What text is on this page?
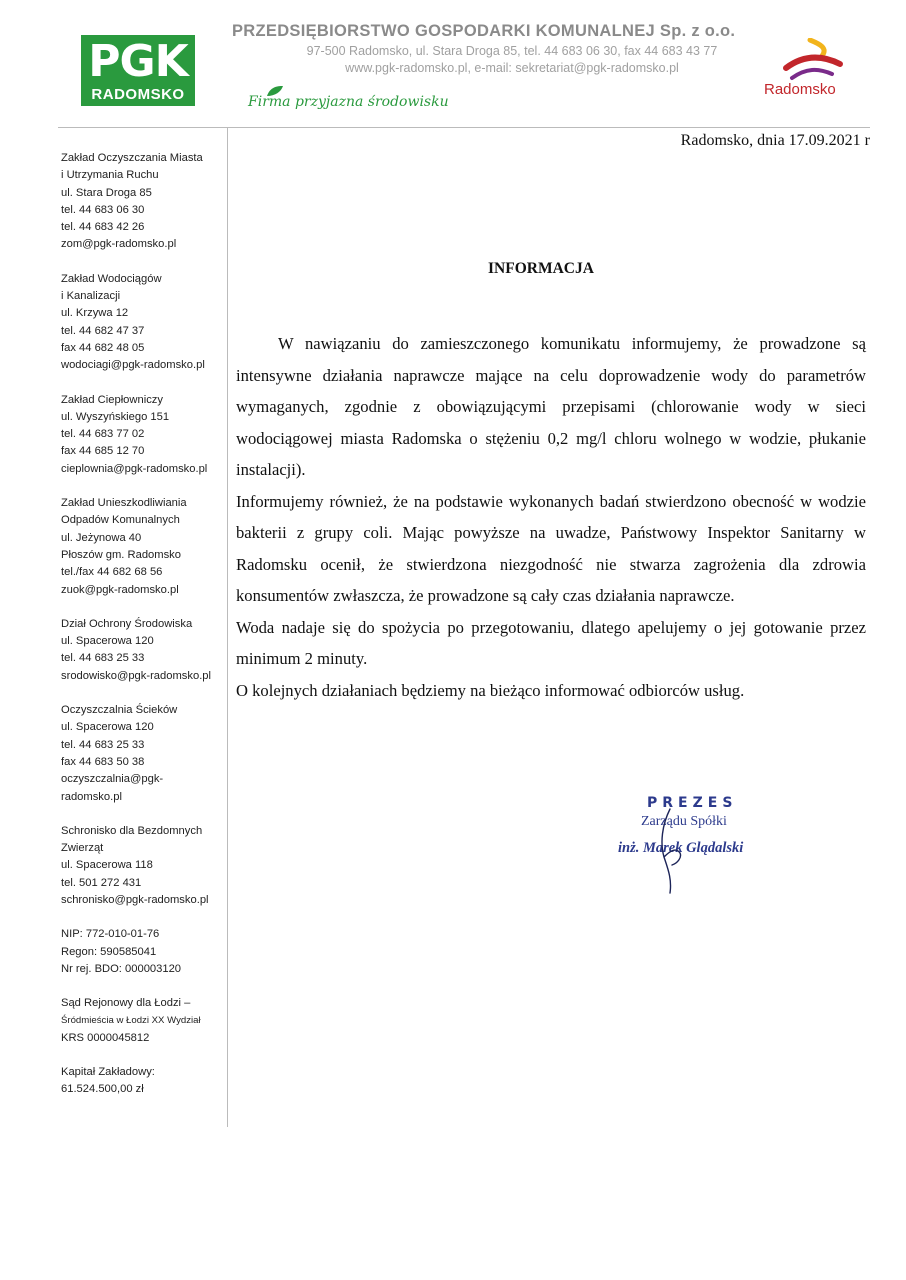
PGK
RADOMSKO
PRZEDSIĘBIORSTWO GOSPODARKI KOMUNALNEJ Sp. z o.o.
97-500 Radomsko, ul. Stara Droga 85, tel. 44 683 06 30, fax 44 683 43 77
www.pgk-radomsko.pl, e-mail: sekretariat@pgk-radomsko.pl
Firma przyjazna środowisku
Radomsko
Zakład Oczyszczania Miasta
i Utrzymania Ruchu
ul. Stara Droga 85
tel. 44 683 06 30
tel. 44 683 42 26
zom@pgk-radomsko.pl
Zakład Wodociągów
i Kanalizacji
ul. Krzywa 12
tel. 44 682 47 37
fax 44 682 48 05
wodociagi@pgk-radomsko.pl
Zakład Ciepłowniczy
ul. Wyszyńskiego 151
tel. 44 683 77 02
fax 44 685 12 70
cieplownia@pgk-radomsko.pl
Zakład Unieszkodliwiania
Odpadów Komunalnych
ul. Jeżynowa 40
Płoszów gm. Radomsko
tel./fax 44 682 68 56
zuok@pgk-radomsko.pl
Dział Ochrony Środowiska
ul. Spacerowa 120
tel. 44 683 25 33
srodowisko@pgk-radomsko.pl
Oczyszczalnia Ścieków
ul. Spacerowa 120
tel. 44 683 25 33
fax 44 683 50 38
oczyszczalnia@pgk-
radomsko.pl
Schronisko dla Bezdomnych
Zwierząt
ul. Spacerowa 118
tel. 501 272 431
schronisko@pgk-radomsko.pl
NIP: 772-010-01-76
Regon: 590585041
Nr rej. BDO: 000003120
Sąd Rejonowy dla Łodzi –
Śródmieścia w Łodzi XX Wydział
KRS 0000045812
Kapitał Zakładowy:
61.524.500,00 zł
Radomsko, dnia 17.09.2021 r
INFORMACJA

W nawiązaniu do zamieszczonego komunikatu informujemy, że prowadzone są intensywne działania naprawcze mające na celu doprowadzenie wody do parametrów wymaganych, zgodnie z obowiązującymi przepisami (chlorowanie wody w sieci wodociągowej miasta Radomska o stężeniu 0,2 mg/l chloru wolnego w wodzie, płukanie instalacji).

Informujemy również, że na podstawie wykonanych badań stwierdzono obecność w wodzie bakterii z grupy coli. Mając powyższe na uwadze, Państwowy Inspektor Sanitarny w Radomsku ocenił, że stwierdzona niezgodność nie stwarza zagrożenia dla zdrowia konsumentów zwłaszcza, że prowadzone są cały czas działania naprawcze.

Woda nadaje się do spożycia po przegotowaniu, dlatego apelujemy o jej gotowanie przez minimum 2 minuty.

O kolejnych działaniach będziemy na bieżąco informować odbiorców usług.

PREZES
Zarządu Spółki
inż. Marek Glądalski
